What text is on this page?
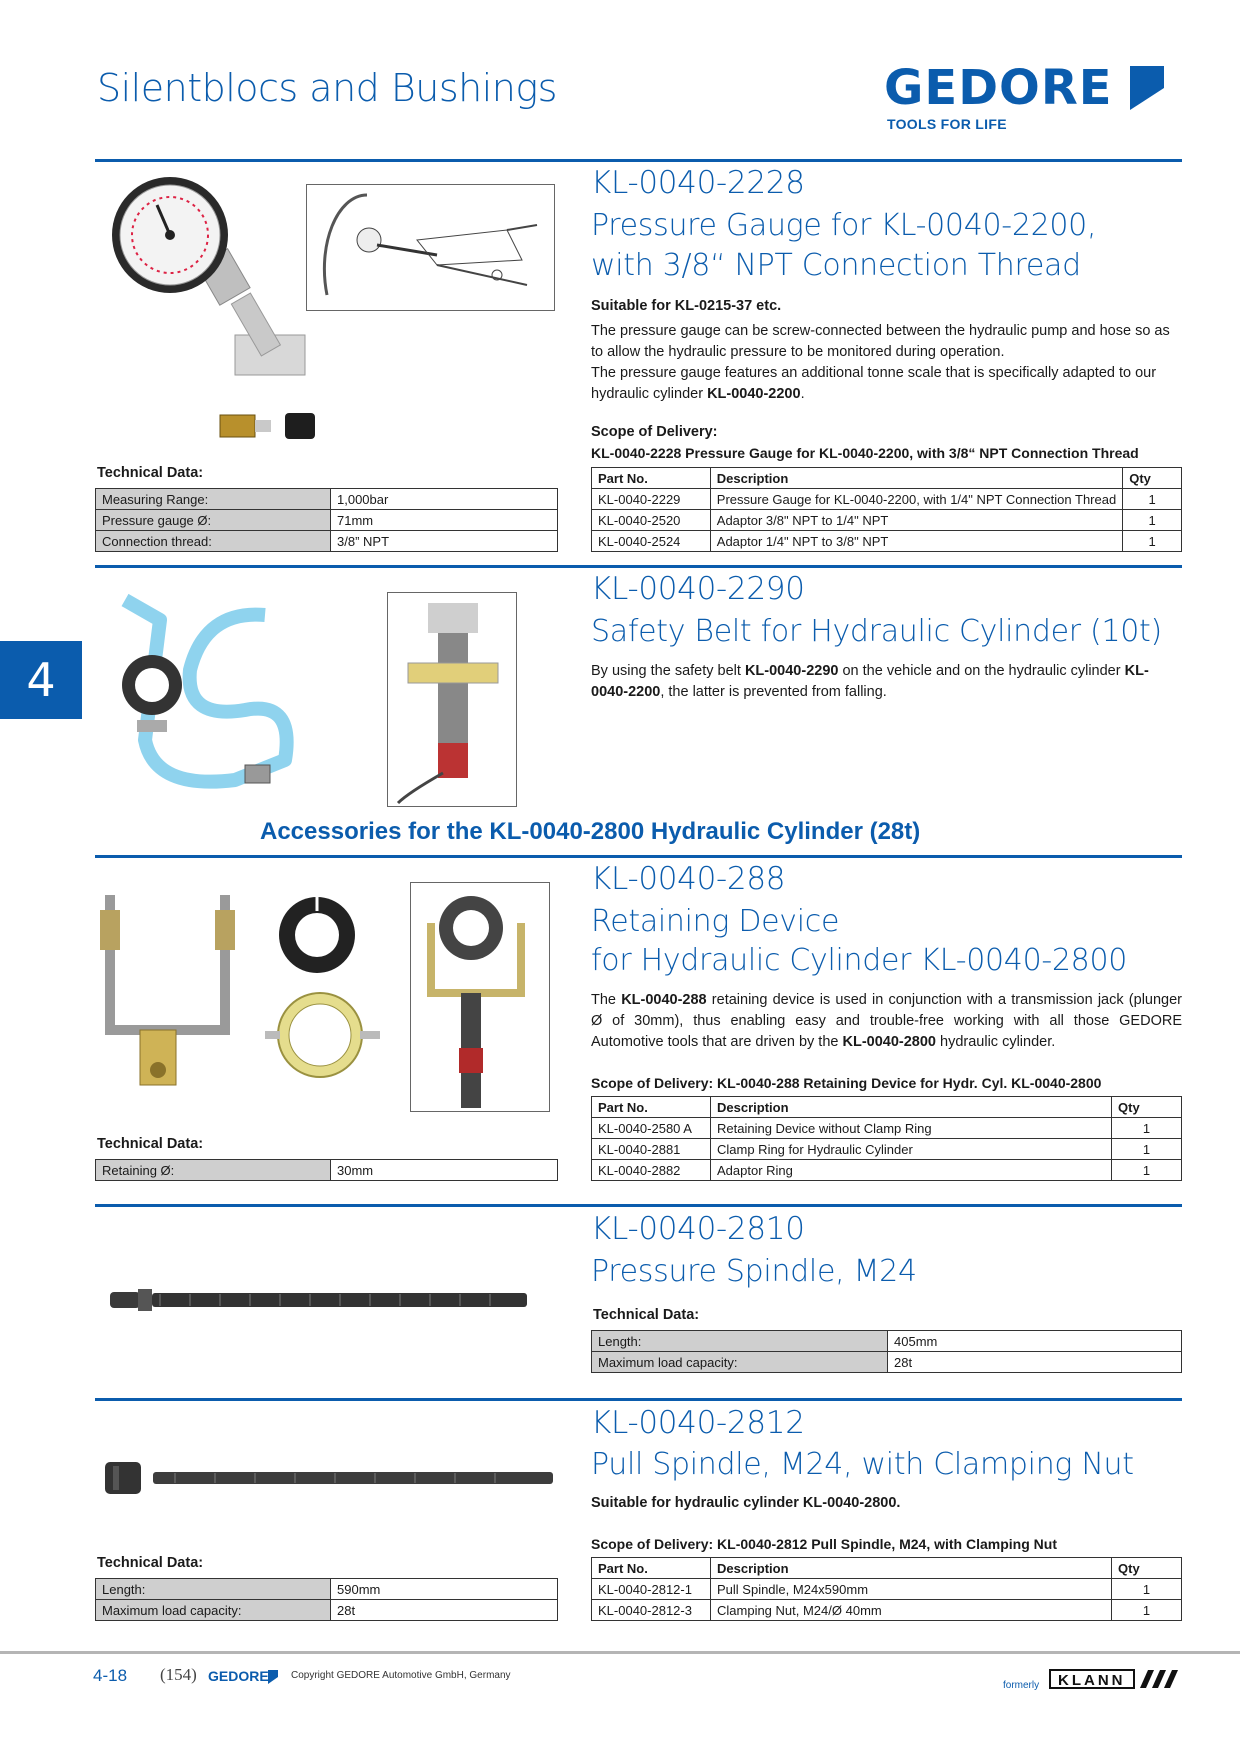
Silentblocs and Bushings	GEDORE
TOOLS FOR LIFE
4
KL-0040-2228
Pressure Gauge for KL-0040-2200,
with 3/8“ NPT Connection Thread
Suitable for KL-0215-37 etc.
The pressure gauge can be screw-connected between the hydraulic pump and hose so as to allow the hydraulic pressure to be monitored during operation.
The pressure gauge features an additional tonne scale that is specifically adapted to our hydraulic cylinder KL-0040-2200.
Scope of Delivery:
KL-0040-2228 Pressure Gauge for KL-0040-2200, with 3/8“ NPT Connection Thread
Part No.	Description	Qty
KL-0040-2229	Pressure Gauge for KL-0040-2200, with 1/4" NPT Connection Thread	1
KL-0040-2520	Adaptor 3/8" NPT to 1/4" NPT	1
KL-0040-2524	Adaptor 1/4" NPT to 3/8" NPT	1
Technical Data:
Measuring Range:	1,000bar
Pressure gauge Ø:	71mm
Connection thread:	3/8” NPT
KL-0040-2290
Safety Belt for Hydraulic Cylinder (10t)
By using the safety belt KL-0040-2290 on the vehicle and on the hydraulic cylinder KL-0040-2200, the latter is prevented from falling.
Accessories for the KL-0040-2800 Hydraulic Cylinder (28t)
KL-0040-288
Retaining Device
for Hydraulic Cylinder KL-0040-2800
The KL-0040-288 retaining device is used in conjunction with a transmission jack (plunger Ø of 30mm), thus enabling easy and trouble-free working with all those GEDORE Automotive tools that are driven by the KL-0040-2800 hydraulic cylinder.
Scope of Delivery: KL-0040-288 Retaining Device for Hydr. Cyl. KL-0040-2800
Part No.	Description	Qty
KL-0040-2580 A	Retaining Device without Clamp Ring	1
KL-0040-2881	Clamp Ring for Hydraulic Cylinder	1
KL-0040-2882	Adaptor Ring	1
Technical Data:
Retaining Ø:	30mm
KL-0040-2810
Pressure Spindle, M24
Technical Data:
Length:	405mm
Maximum load capacity:	28t
KL-0040-2812
Pull Spindle, M24, with Clamping Nut
Suitable for hydraulic cylinder KL-0040-2800.
Scope of Delivery: KL-0040-2812 Pull Spindle, M24, with Clamping Nut
Part No.	Description	Qty
KL-0040-2812-1	Pull Spindle, M24x590mm	1
KL-0040-2812-3	Clamping Nut, M24/Ø 40mm	1
Technical Data:
Length:	590mm
Maximum load capacity:	28t
4-18 (154) GEDORE Copyright GEDORE Automotive GmbH, Germany
formerly KLANN
